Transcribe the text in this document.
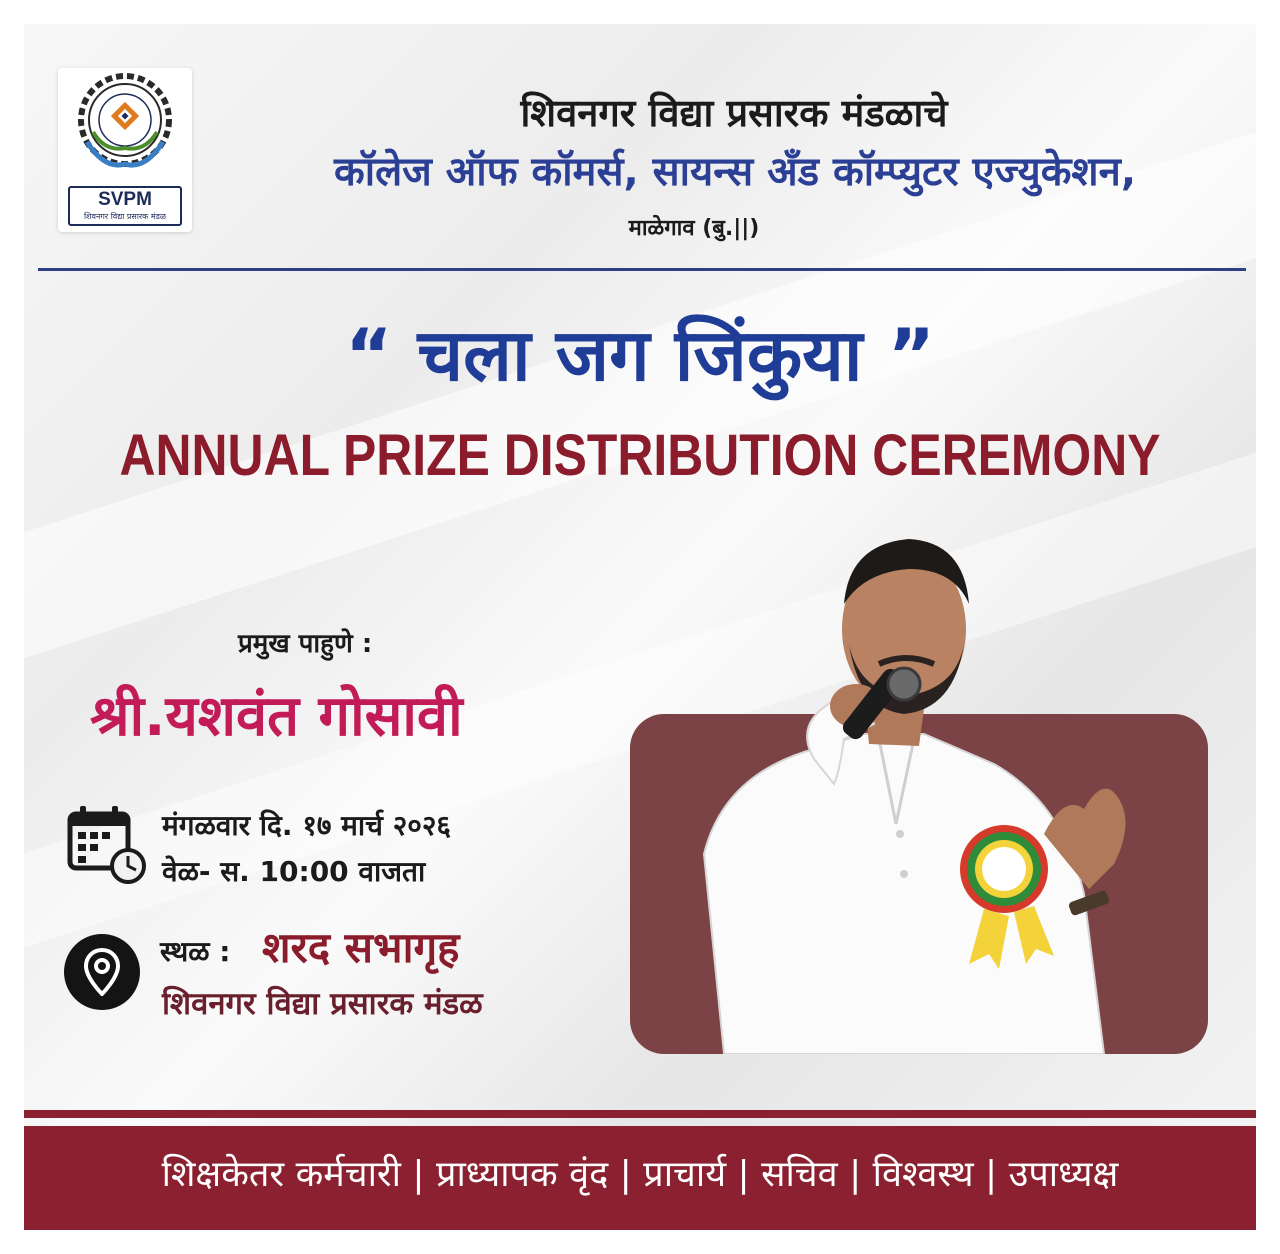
SVPM
शिवनगर विद्या प्रसारक मंडळ
शिवनगर विद्या प्रसारक मंडळाचे
कॉलेज ऑफ कॉमर्स, सायन्स अँड कॉम्प्युटर एज्युकेशन,
माळेगाव (बु.||)
“ चला जग जिंकुया ”
ANNUAL PRIZE DISTRIBUTION CEREMONY
प्रमुख पाहुणे :
श्री.यशवंत गोसावी
मंगळवार दि. १७ मार्च २०२६
वेळ- स. 10:00 वाजता
स्थळ : शरद सभागृह
शिवनगर विद्या प्रसारक मंडळ
शिक्षकेतर कर्मचारी | प्राध्यापक वृंद | प्राचार्य | सचिव | विश्वस्थ | उपाध्यक्ष
